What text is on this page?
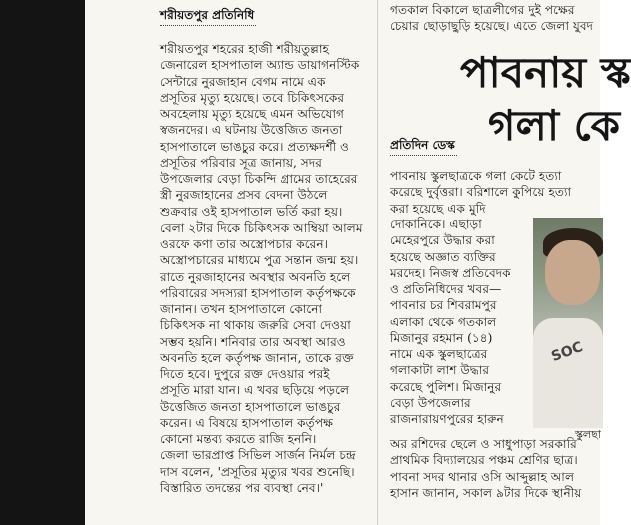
শরীয়তপুর প্রতিনিধি
শরীয়তপুর শহরের হাজী শরীয়তুল্লাহ
জেনারেল হাসপাতাল অ্যান্ড ডায়াগনস্টিক
সেন্টারে নুরজাহান বেগম নামে এক
প্রসূতির মৃত্যু হয়েছে। তবে চিকিৎসকের
অবহেলায় মৃত্যু হয়েছে এমন অভিযোগ
স্বজনদের। এ ঘটনায় উত্তেজিত জনতা
হাসপাতালে ভাঙচুর করে। প্রত্যক্ষদর্শী ও
প্রসূতির পরিবার সূত্র জানায়, সদর
উপজেলার বেড়া চিকন্দি গ্রামের তাহেরের
স্ত্রী নুরজাহানের প্রসব বেদনা উঠলে
শুক্রবার ওই হাসপাতাল ভর্তি করা হয়।
বেলা ২টার দিকে চিকিৎসক আম্বিয়া আলম
ওরফে কণা তার অস্ত্রোপচার করেন।
অস্ত্রোপচারের মাধ্যমে পুত্র সন্তান জন্ম হয়।
রাতে নুরজাহানের অবস্থার অবনতি হলে
পরিবারের সদস্যরা হাসপাতাল কর্তৃপক্ষকে
জানান। তখন হাসপাতালে কোনো
চিকিৎসক না থাকায় জরুরি সেবা দেওয়া
সম্ভব হয়নি। শনিবার তার অবস্থা আরও
অবনতি হলে কর্তৃপক্ষ জানান, তাকে রক্ত
দিতে হবে। দুপুরে রক্ত দেওয়ার পরই
প্রসূতি মারা যান। এ খবর ছড়িয়ে পড়লে
উত্তেজিত জনতা হাসপাতালে ভাঙচুর
করেন। এ বিষয়ে হাসপাতাল কর্তৃপক্ষ
কোনো মন্তব্য করতে রাজি হননি।
জেলা ভারপ্রাপ্ত সিভিল সার্জন নির্মল চন্দ্র
দাস বলেন, 'প্রসূতির মৃত্যুর খবর শুনেছি।
বিস্তারিত তদন্তের পর ব্যবস্থা নেব।'
গতকাল বিকালে ছাত্রলীগের দুই পক্ষের
চেয়ার ছোড়াছুড়ি হয়েছে। এতে জেলা যুবদ
পাবনায় স্ক
গলা কে
প্রতিদিন ডেস্ক
পাবনায় স্কুলছাত্রকে গলা কেটে হত্যা
করেছে দুর্বৃত্তরা। বরিশালে কুপিয়ে হত্যা
করা হয়েছে এক মুদি
দোকানিকে। এছাড়া
মেহেরপুরে উদ্ধার করা
হয়েছে অজ্ঞাত ব্যক্তির
মরদেহ। নিজস্ব প্রতিবেদক
ও প্রতিনিধিদের খবর—
পাবনার চর শিবরামপুর
এলাকা থেকে গতকাল
মিজানুর রহমান (১৪)
নামে এক স্কুলছাত্রের
গলাকাটা লাশ উদ্ধার
করেছে পুলিশ। মিজানুর
বেড়া উপজেলার
রাজনারায়ণপুরের হারুন
অর রশিদের ছেলে ও সাধুপাড়া সরকারি
প্রাথমিক বিদ্যালয়ের পঞ্চম শ্রেণির ছাত্র।
পাবনা সদর থানার ওসি আব্দুল্লাহ আল
হাসান জানান, সকাল ৯টার দিকে স্থানীয়
SOC
স্কুলছা
